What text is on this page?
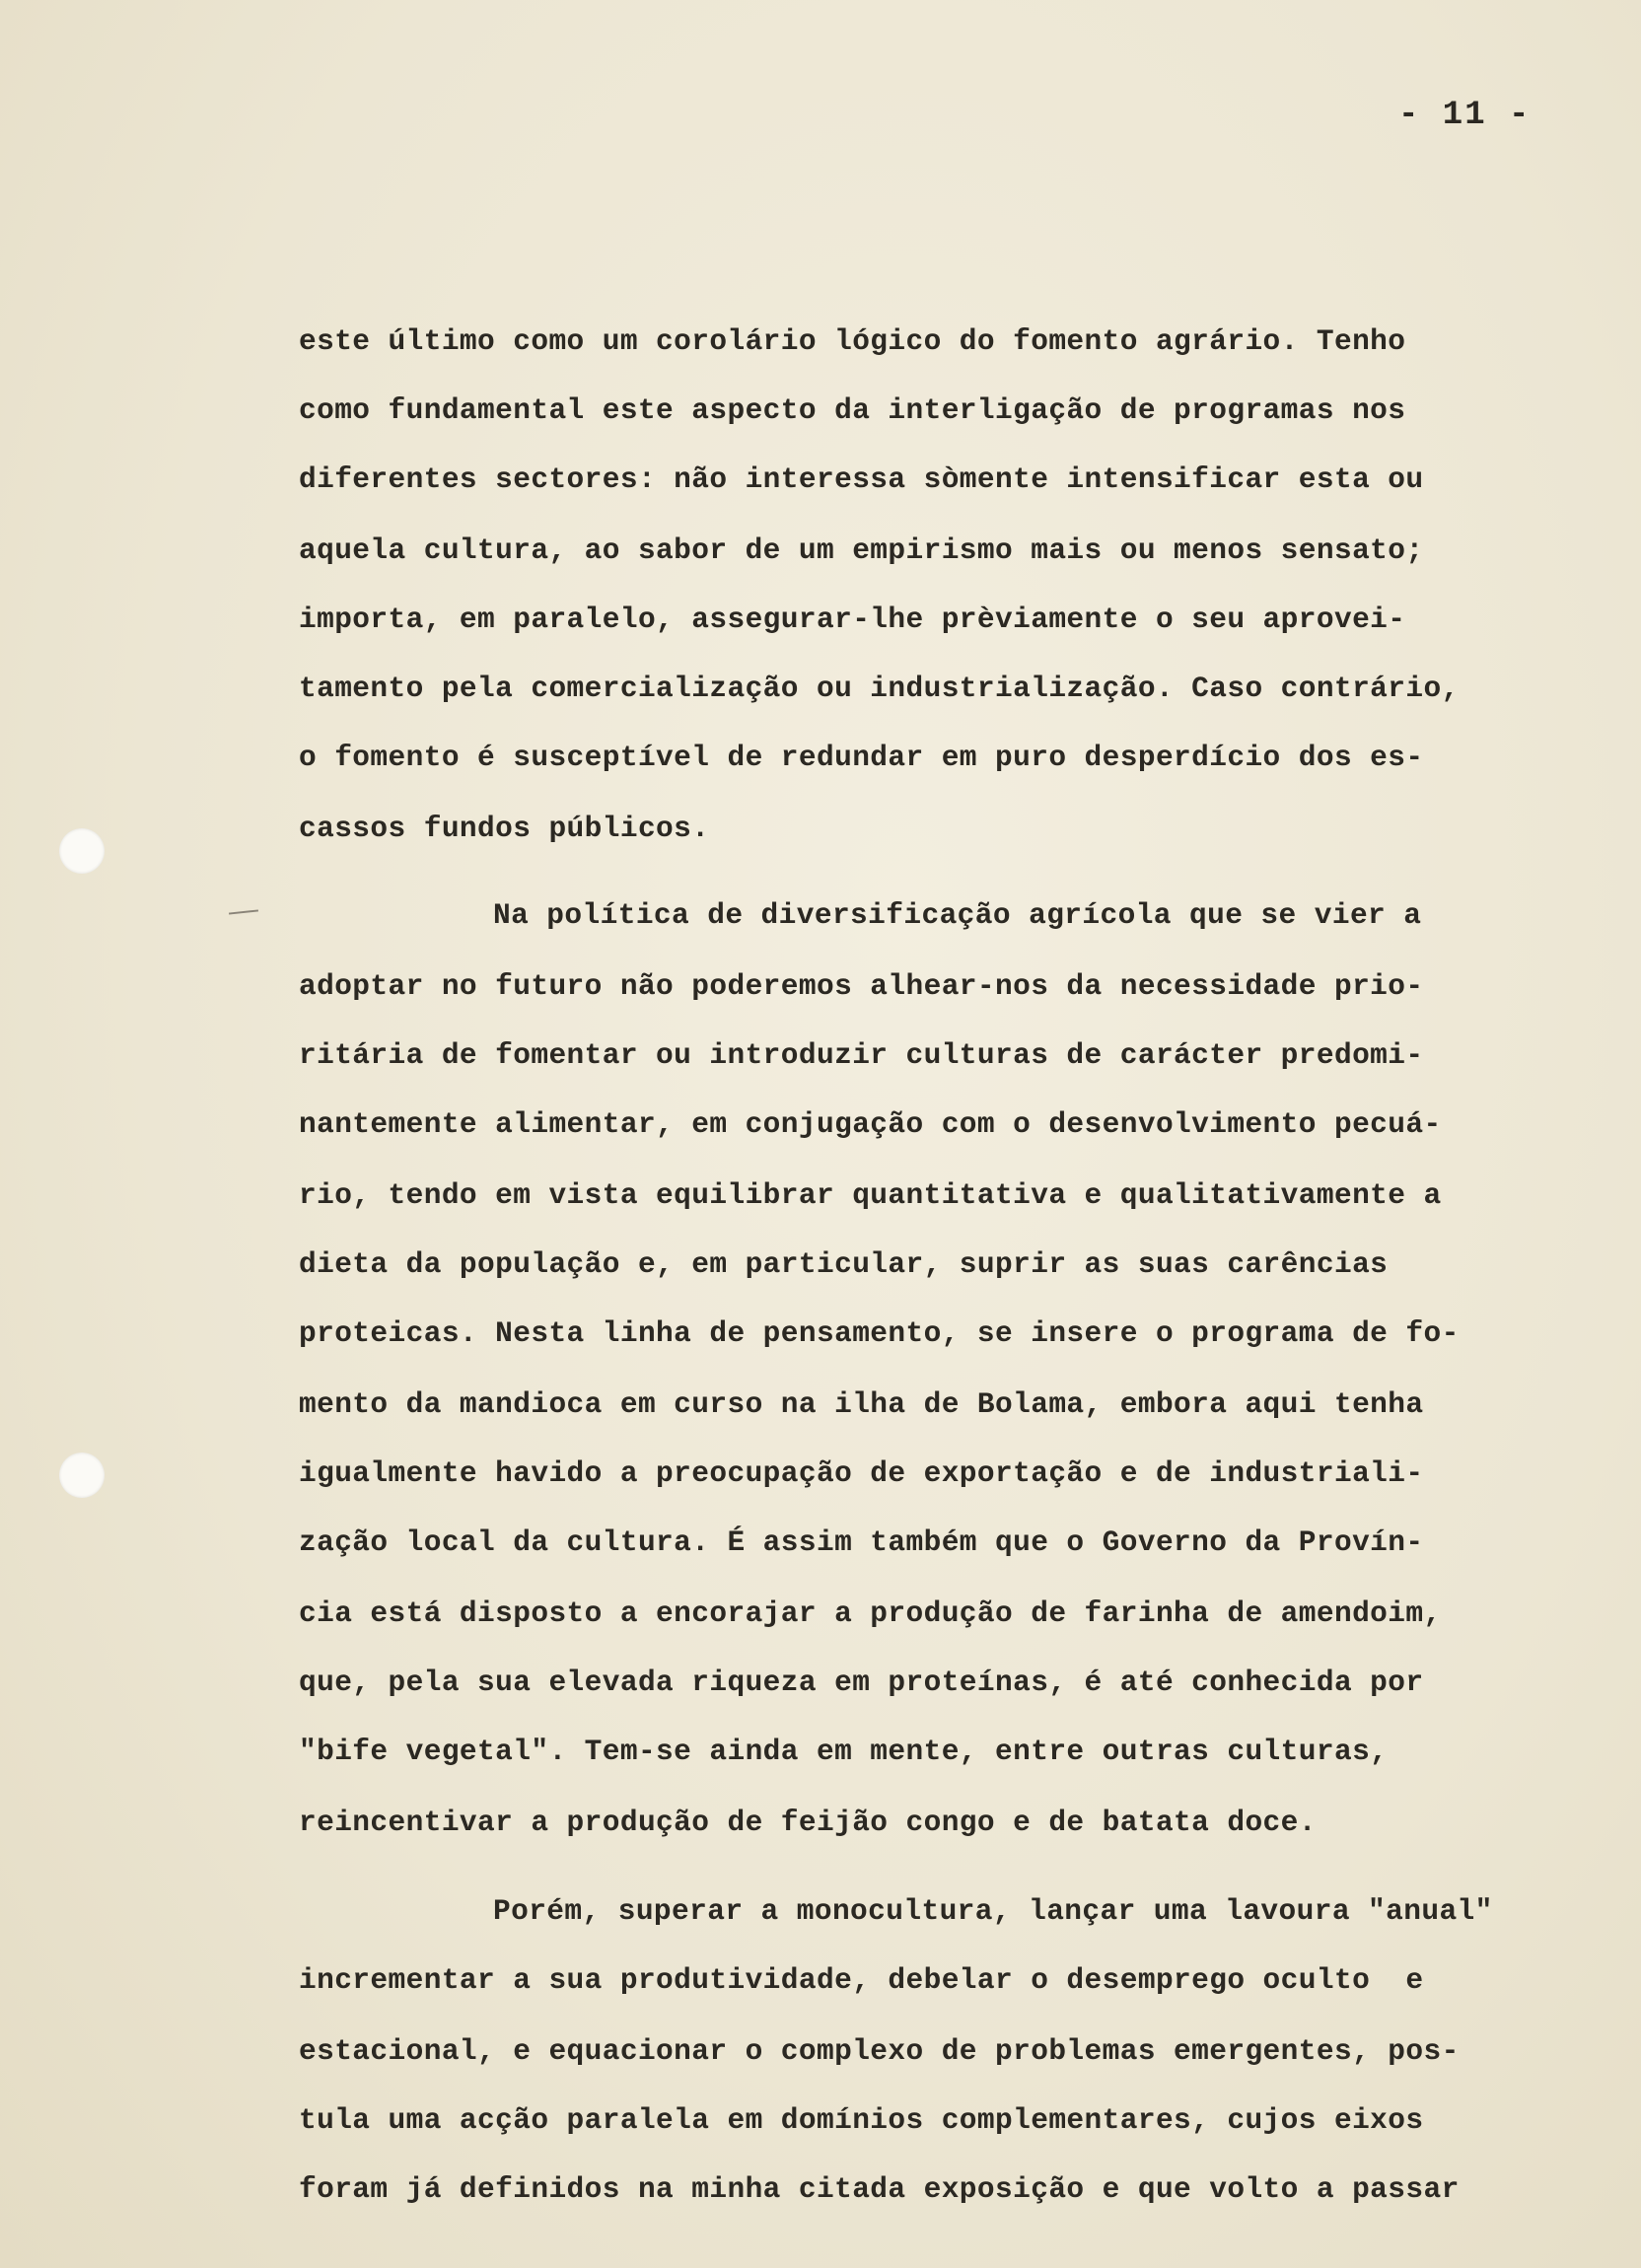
- 11 -
este último como um corolário lógico do fomento agrário. Tenho
como fundamental este aspecto da interligação de programas nos
diferentes sectores: não interessa sòmente intensificar esta ou
aquela cultura, ao sabor de um empirismo mais ou menos sensato;
importa, em paralelo, assegurar-lhe prèviamente o seu aprovei-
tamento pela comercialização ou industrialização. Caso contrário,
o fomento é susceptível de redundar em puro desperdício dos es-
cassos fundos públicos.
Na política de diversificação agrícola que se vier a
adoptar no futuro não poderemos alhear-nos da necessidade prio-
ritária de fomentar ou introduzir culturas de carácter predomi-
nantemente alimentar, em conjugação com o desenvolvimento pecuá-
rio, tendo em vista equilibrar quantitativa e qualitativamente a
dieta da população e, em particular, suprir as suas carências
proteicas. Nesta linha de pensamento, se insere o programa de fo-
mento da mandioca em curso na ilha de Bolama, embora aqui tenha
igualmente havido a preocupação de exportação e de industriali-
zação local da cultura. É assim também que o Governo da Provín-
cia está disposto a encorajar a produção de farinha de amendoim,
que, pela sua elevada riqueza em proteínas, é até conhecida por
"bife vegetal". Tem-se ainda em mente, entre outras culturas,
reincentivar a produção de feijão congo e de batata doce.
Porém, superar a monocultura, lançar uma lavoura "anual"
incrementar a sua produtividade, debelar o desemprego oculto  e
estacional, e equacionar o complexo de problemas emergentes, pos-
tula uma acção paralela em domínios complementares, cujos eixos
foram já definidos na minha citada exposição e que volto a passar
